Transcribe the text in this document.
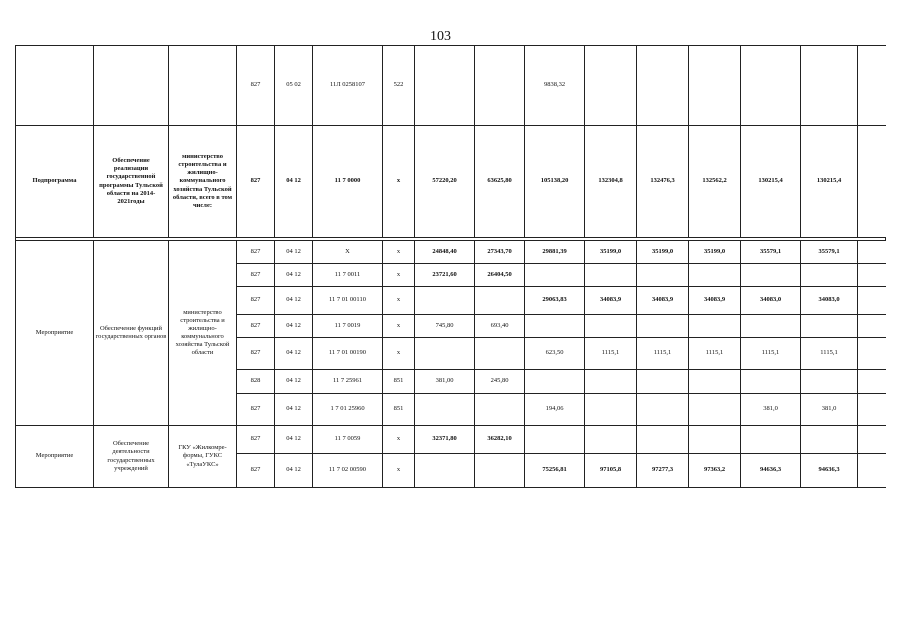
103
			827	05 02	11Л 0258107	522			9838,32						
Подпрограмма	Обеспечение реализации государственной программы Тульской области на 2014-2021годы	министерство строительства и жилищно-коммунального хозяйства Тульской области, всего в том числе:	827	04 12	11 7 0000	х	57220,20	63625,80	105138,20	132304,8	132476,3	132562,2	130215,4	130215,4	

Мероприятие	Обеспечение функций государственных органов	министерство строительства и жилищно-коммунального хозяйства Тульской области	827	04 12	Х	х	24848,40	27343,70	29881,39	35199,0	35199,0	35199,0	35579,1	35579,1	
			827	04 12	11 7 0011	х	23721,60	26404,50							
			827	04 12	11 7 01 00110	х			29063,83	34083,9	34083,9	34083,9	34083,0	34083,0	
			827	04 12	11 7 0019	х	745,80	693,40							
			827	04 12	11 7 01 00190	х			623,50	1115,1	1115,1	1115,1	1115,1	1115,1	
			828	04 12	11 7 25961	851	381,00	245,80							
			827	04 12	1 7 01 25960	851			194,06				381,0	381,0	
Мероприятие	Обеспечение деятельности государственных учреждений	ГКУ «Жилкомре-формы, ГУКС «ТулаУКС»	827	04 12	11 7 0059	х	32371,80	36282,10							
			827	04 12	11 7 02 00590	х			75256,81	97105,8	97277,3	97363,2	94636,3	94636,3	
